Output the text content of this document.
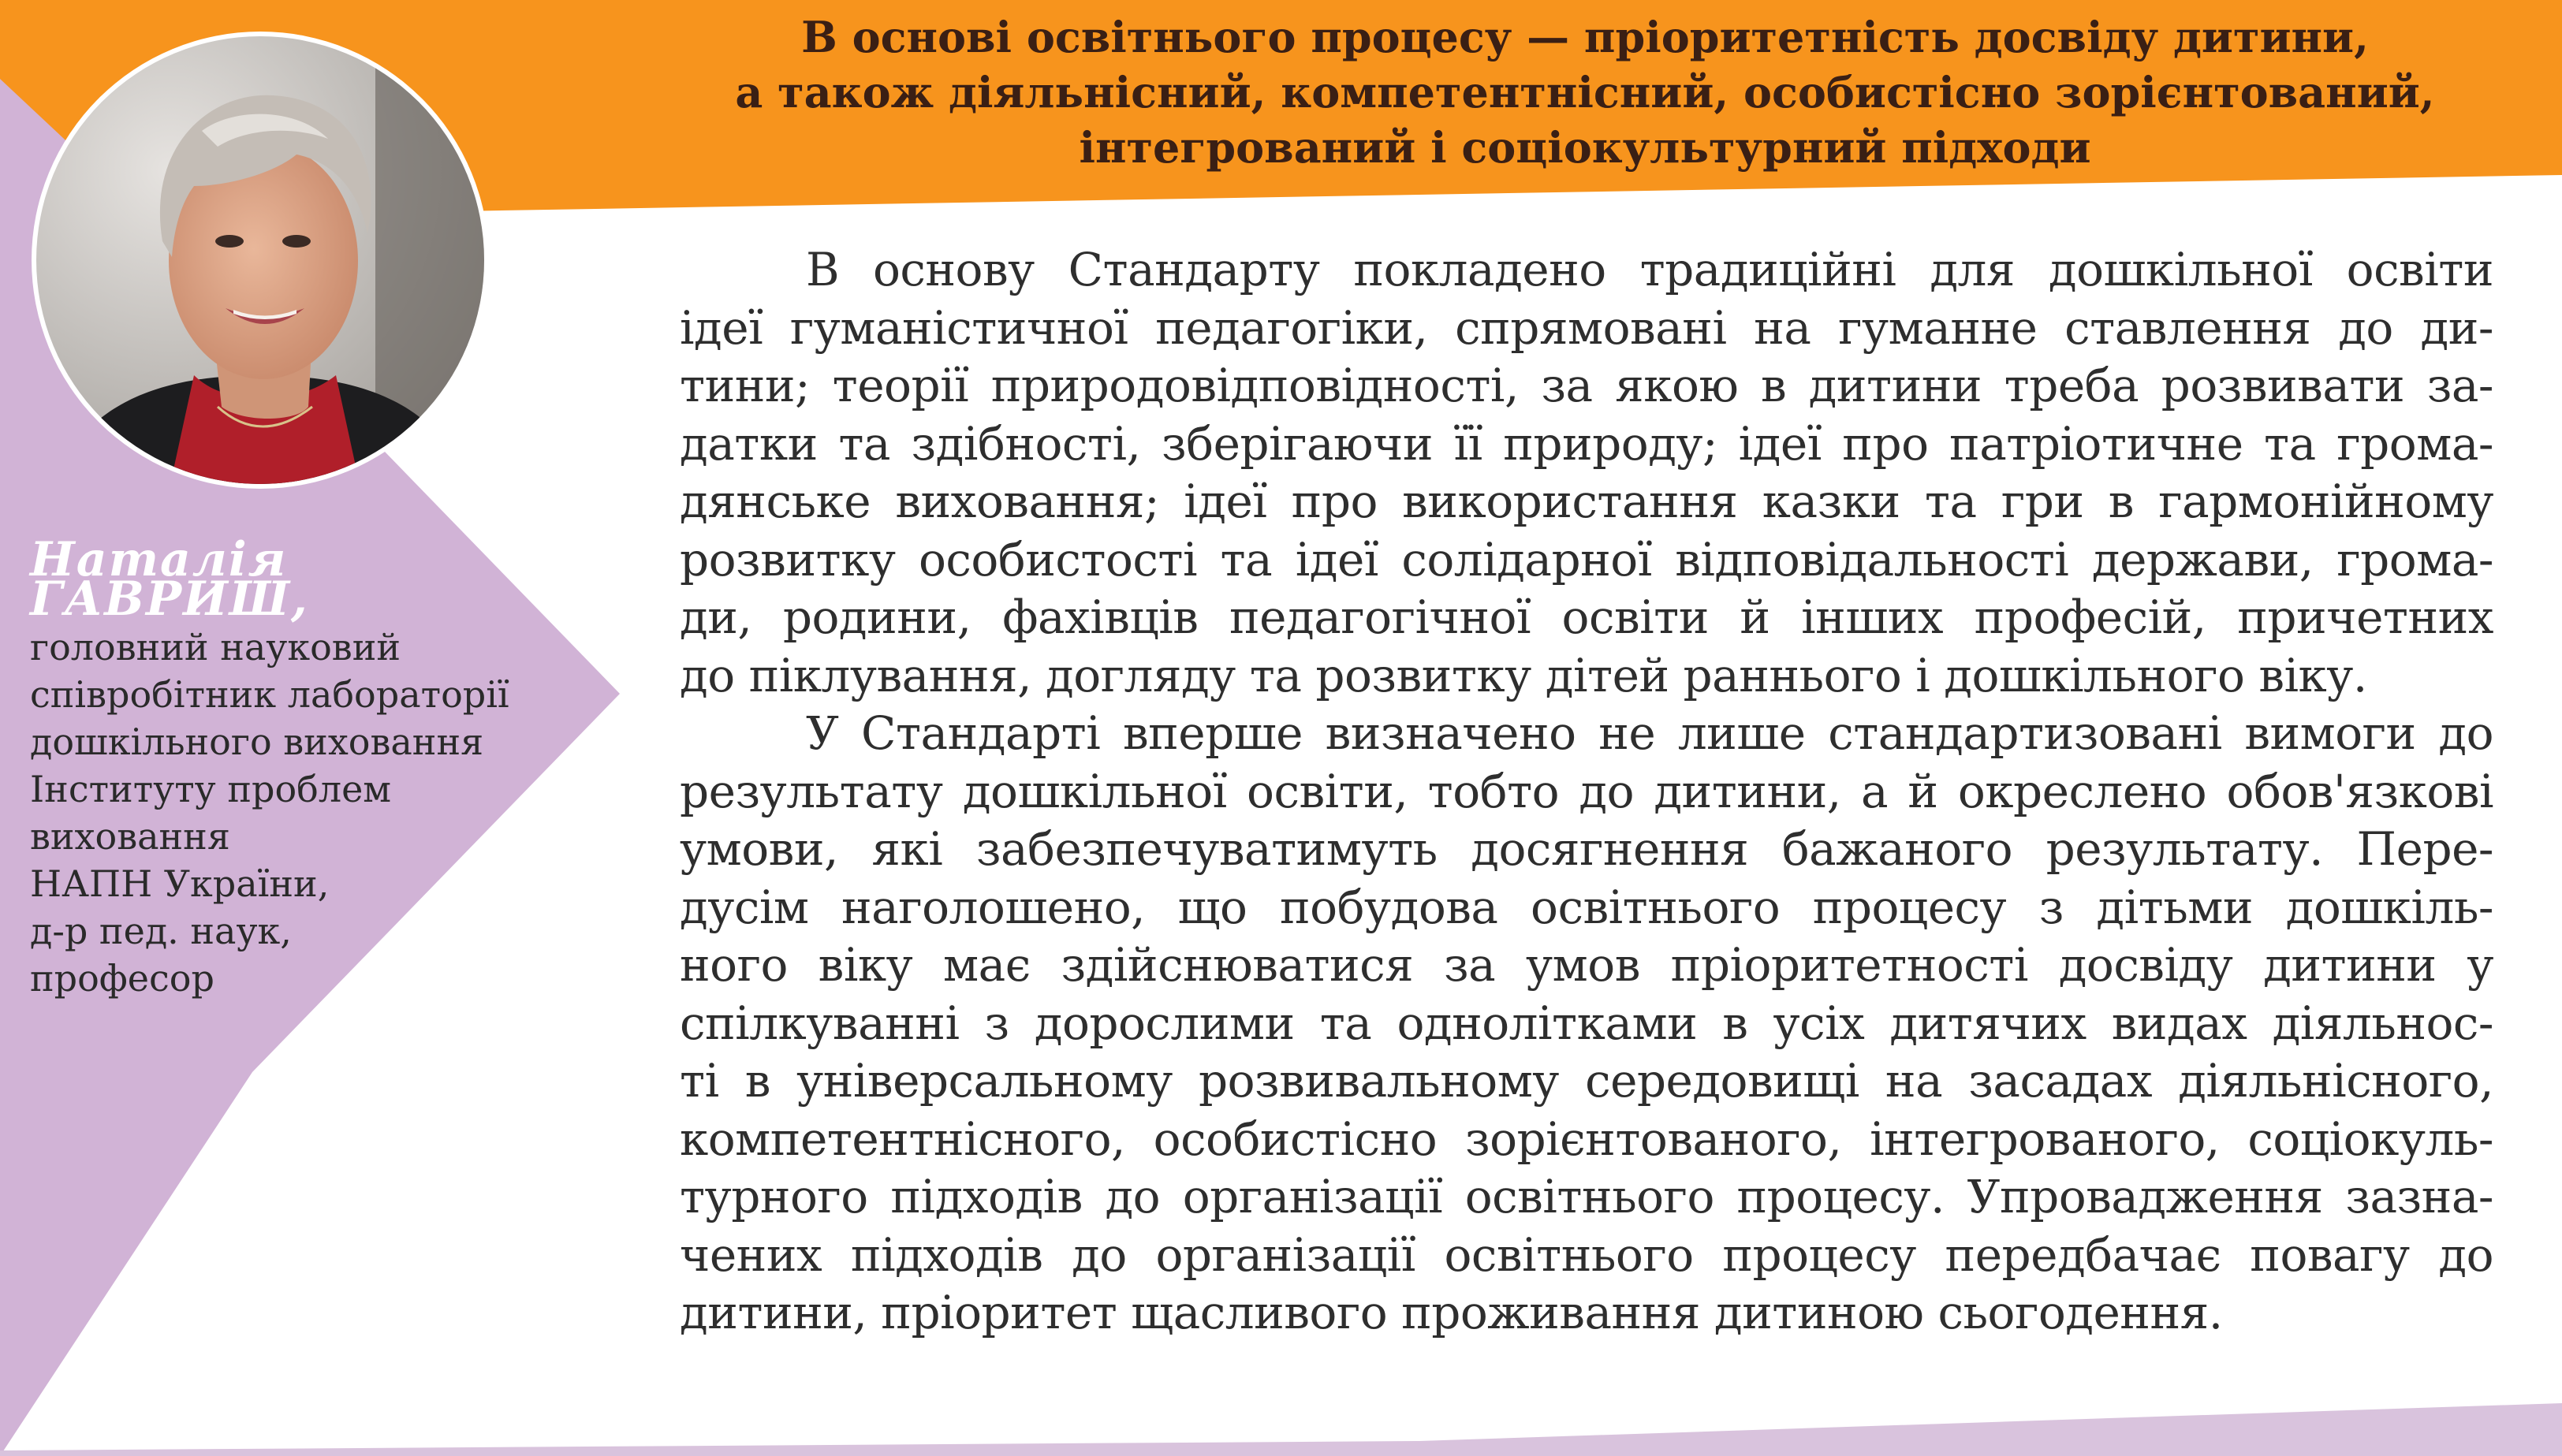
В основі освітнього процесу — пріоритетність досвіду дитини,
а також діяльнісний, компетентнісний, особистісно зорієнтований,
інтегрований і соціокультурний підходи
Наталія
ГАВРИШ,
головний науковий
співробітник лабораторії
дошкільного виховання
Інституту проблем
виховання
НАПН України,
д-р пед. наук,
професор
В основу Стандарту покладено традиційні для дошкільної освіти
ідеї гуманістичної педагогіки, спрямовані на гуманне ставлення до ди-
тини; теорії природовідповідності, за якою в дитини треба розвивати за-
датки та здібності, зберігаючи її природу; ідеї про патріотичне та грома-
дянське виховання; ідеї про використання казки та гри в гармонійному
розвитку особистості та ідеї солідарної відповідальності держави, грома-
ди, родини, фахівців педагогічної освіти й інших професій, причетних
до піклування, догляду та розвитку дітей раннього і дошкільного віку.
У Стандарті вперше визначено не лише стандартизовані вимоги до
результату дошкільної освіти, тобто до дитини, а й окреслено обов'язкові
умови, які забезпечуватимуть досягнення бажаного результату. Пере-
дусім наголошено, що побудова освітнього процесу з дітьми дошкіль-
ного віку має здійснюватися за умов пріоритетності досвіду дитини у
спілкуванні з дорослими та однолітками в усіх дитячих видах діяльнос-
ті в універсальному розвивальному середовищі на засадах діяльнісного,
компетентнісного, особистісно зорієнтованого, інтегрованого, соціокуль-
турного підходів до організації освітнього процесу. Упровадження зазна-
чених підходів до організації освітнього процесу передбачає повагу до
дитини, пріоритет щасливого проживання дитиною сьогодення.
